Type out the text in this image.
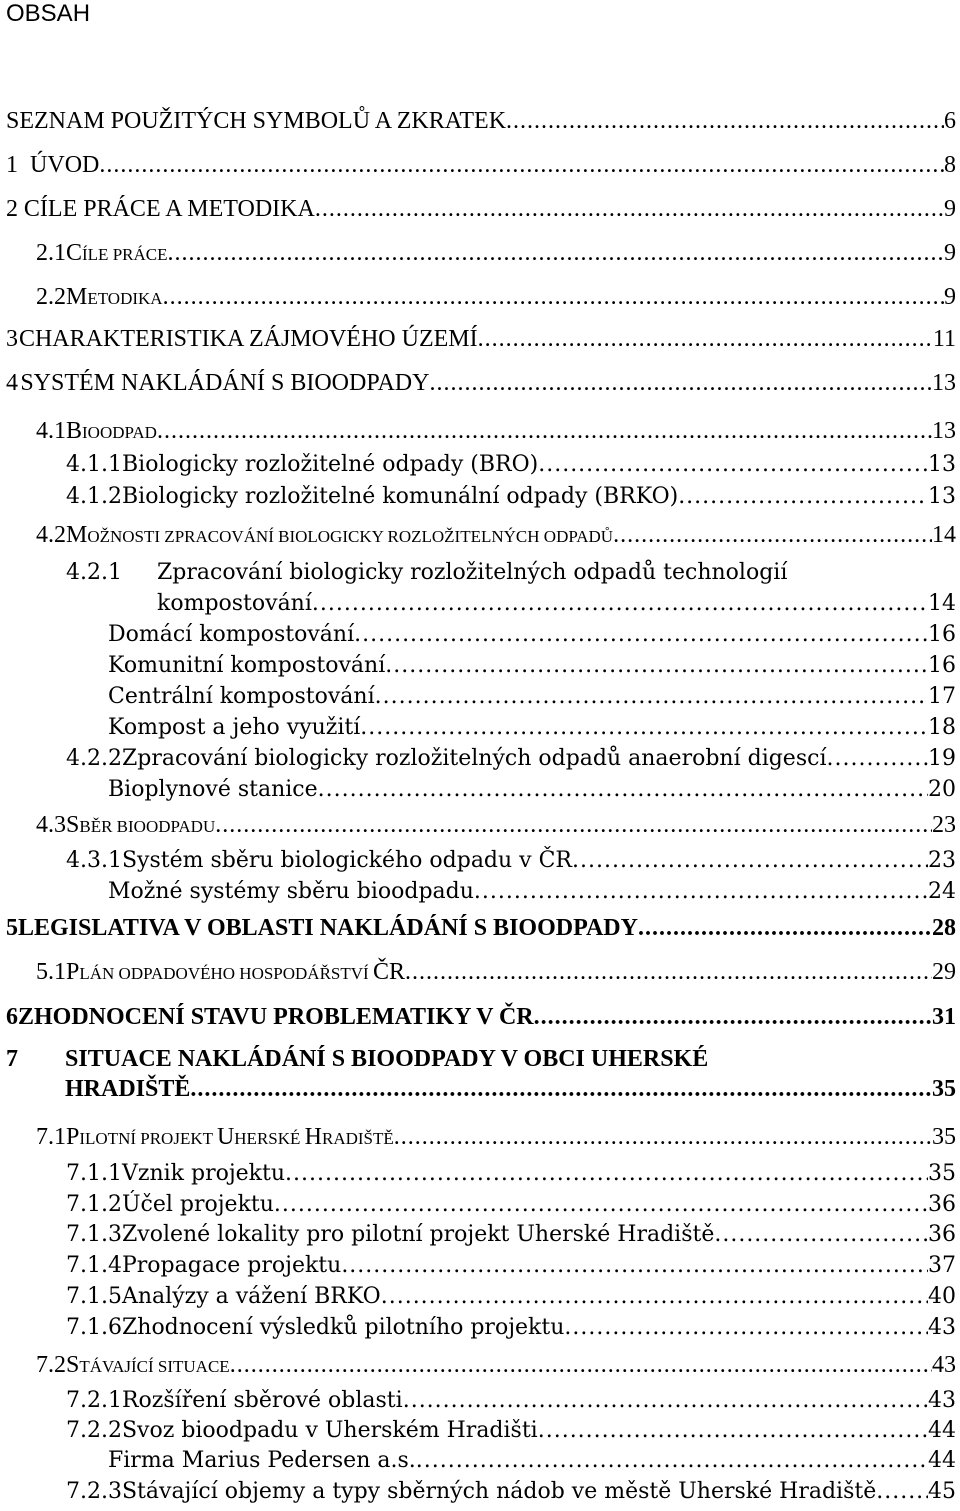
OBSAH
SEZNAM POUŽITÝCH SYMBOLŮ A ZKRATEK .....	6
1 ÚVOD .....	8
2 CÍLE PRÁCE A METODIKA .....	9
2.1 CÍLE PRÁCE .....	9
2.2 METODIKA .....	9
3 CHARAKTERISTIKA ZÁJMOVÉHO ÚZEMÍ .....	11
4 SYSTÉM NAKLÁDÁNÍ S BIOODPADY .....	13
4.1 BIOODPAD .....	13
4.1.1 Biologicky rozložitelné odpady (BRO) .....	13
4.1.2 Biologicky rozložitelné komunální odpady (BRKO) .....	13
4.2 MOŽNOSTI ZPRACOVÁNÍ BIOLOGICKY ROZLOŽITELNÝCH ODPADŮ .....	14
4.2.1	Zpracování biologicky rozložitelných odpadů technologií
kompostování .....	14
Domácí kompostování .....	16
Komunitní kompostování .....	16
Centrální kompostování .....	17
Kompost a jeho využití .....	18
4.2.2 Zpracování biologicky rozložitelných odpadů anaerobní digescí .....	19
Bioplynové stanice .....	20
4.3 SBĚR BIOODPADU .....	23
4.3.1 Systém sběru biologického odpadu v ČR .....	23
Možné systémy sběru bioodpadu .....	24
5 LEGISLATIVA V OBLASTI NAKLÁDÁNÍ S BIOODPADY .....	28
5.1 PLÁN ODPADOVÉHO HOSPODÁŘSTVÍ ČR .....	29
6 ZHODNOCENÍ STAVU PROBLEMATIKY V ČR .....	31
7	SITUACE NAKLÁDÁNÍ S BIOODPADY V OBCI UHERSKÉ
HRADIŠTĚ .....	35
7.1 PILOTNÍ PROJEKT UHERSKÉ HRADIŠTĚ .....	35
7.1.1 Vznik projektu .....	35
7.1.2 Účel projektu .....	36
7.1.3 Zvolené lokality pro pilotní projekt Uherské Hradiště .....	36
7.1.4 Propagace projektu .....	37
7.1.5 Analýzy a vážení BRKO .....	40
7.1.6 Zhodnocení výsledků pilotního projektu .....	43
7.2 STÁVAJÍCÍ SITUACE .....	43
7.2.1 Rozšíření sběrové oblasti .....	43
7.2.2 Svoz bioodpadu v Uherském Hradišti .....	44
Firma Marius Pedersen a.s. .....	44
7.2.3 Stávající objemy a typy sběrných nádob ve městě Uherské Hradiště ..... 45
